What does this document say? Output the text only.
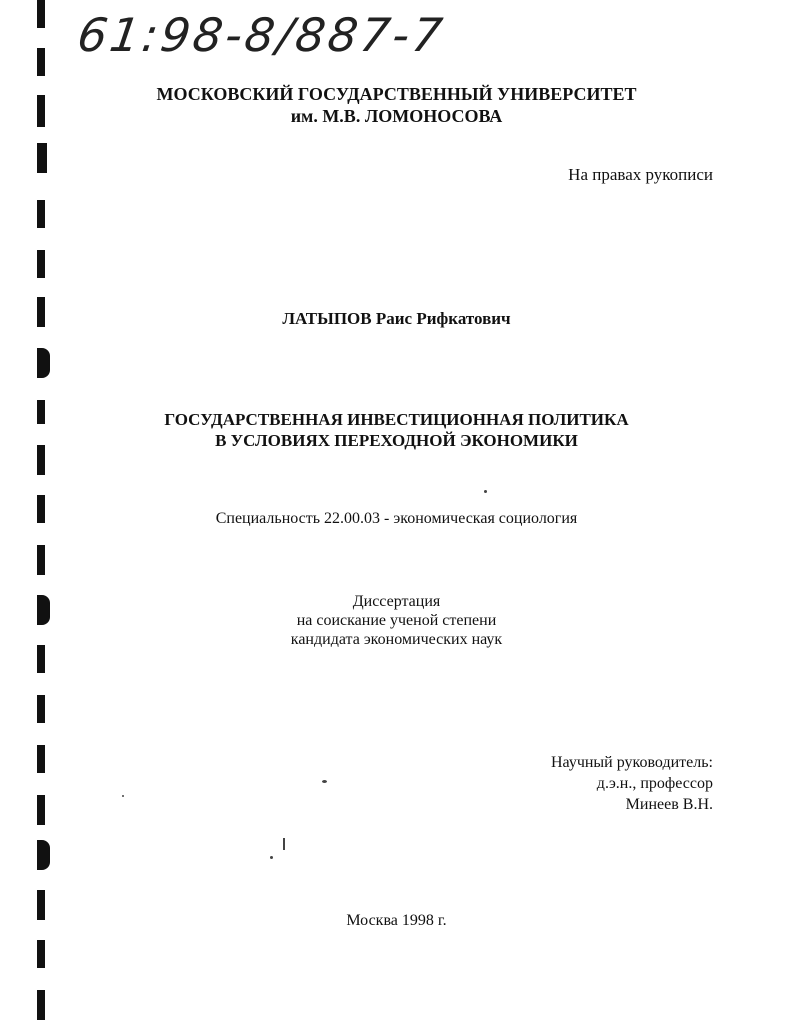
61:98-8/887-7
МОСКОВСКИЙ ГОСУДАРСТВЕННЫЙ УНИВЕРСИТЕТ
им. М.В. ЛОМОНОСОВА
На правах рукописи
ЛАТЫПОВ Раис Рифкатович
ГОСУДАРСТВЕННАЯ ИНВЕСТИЦИОННАЯ ПОЛИТИКА
В УСЛОВИЯХ ПЕРЕХОДНОЙ ЭКОНОМИКИ
Специальность 22.00.03 - экономическая социология
Диссертация
на соискание ученой степени
кандидата экономических наук
Научный руководитель:
д.э.н., профессор
Минеев В.Н.
Москва 1998 г.
